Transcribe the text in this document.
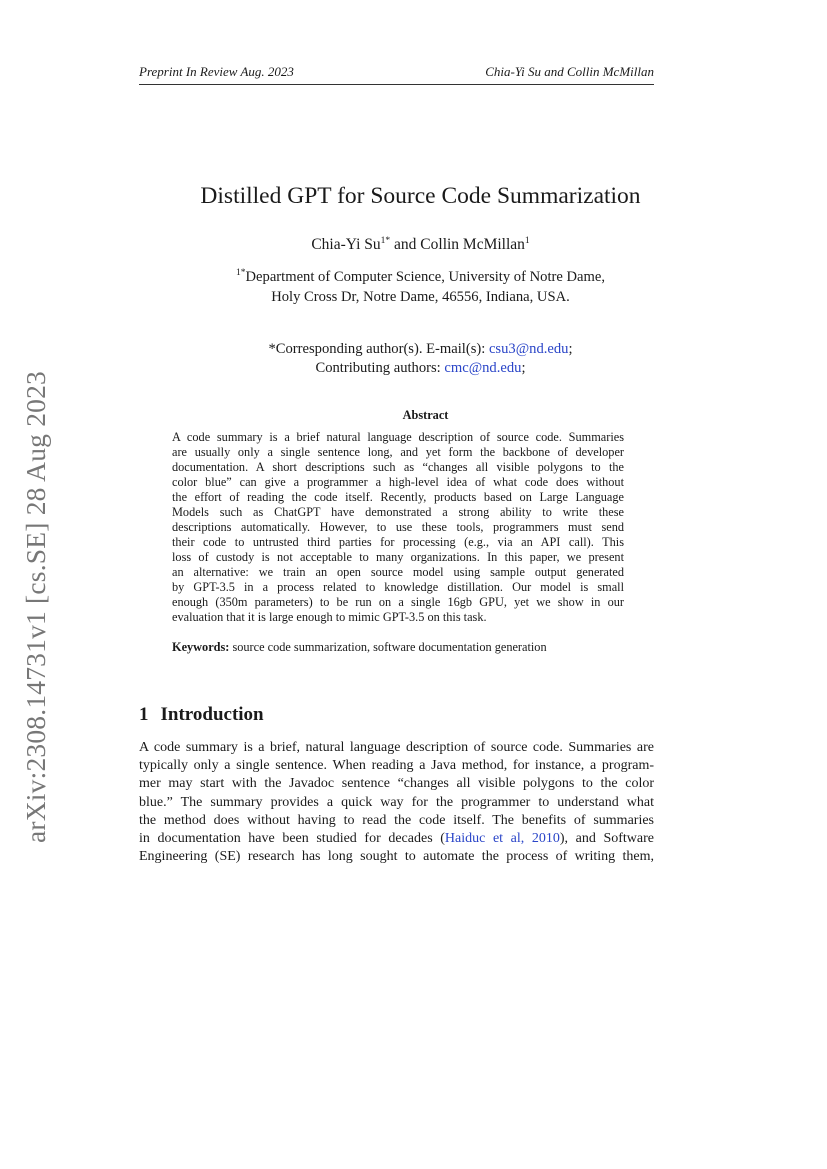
Preprint In Review Aug. 2023	Chia-Yi Su and Collin McMillan
arXiv:2308.14731v1 [cs.SE] 28 Aug 2023
Distilled GPT for Source Code Summarization
Chia-Yi $Su^{1*}$ and Collin McMillan$^1$
$^{1*}$Department of Computer Science, University of Notre Dame,
Holy Cross Dr, Notre Dame, 46556, Indiana, USA.
*Corresponding author(s). E-mail(s): csu3@nd.edu;
Contributing authors: cmc@nd.edu;
Abstract
A code summary is a brief natural language description of source code. Summaries
are usually only a single sentence long, and yet form the backbone of developer
documentation. A short descriptions such as “changes all visible polygons to the
color blue” can give a programmer a high-level idea of what code does without
the effort of reading the code itself. Recently, products based on Large Language
Models such as ChatGPT have demonstrated a strong ability to write these
descriptions automatically. However, to use these tools, programmers must send
their code to untrusted third parties for processing (e.g., via an API call). This
loss of custody is not acceptable to many organizations. In this paper, we present
an alternative: we train an open source model using sample output generated
by GPT-3.5 in a process related to knowledge distillation. Our model is small
enough (350m parameters) to be run on a single 16gb GPU, yet we show in our
evaluation that it is large enough to mimic GPT-3.5 on this task.
Keywords: source code summarization, software documentation generation
1 Introduction
A code summary is a brief, natural language description of source code. Summaries are
typically only a single sentence. When reading a Java method, for instance, a program-
mer may start with the Javadoc sentence “changes all visible polygons to the color
blue.” The summary provides a quick way for the programmer to understand what
the method does without having to read the code itself. The benefits of summaries
in documentation have been studied for decades (Haiduc et al, 2010), and Software
Engineering (SE) research has long sought to automate the process of writing them,
